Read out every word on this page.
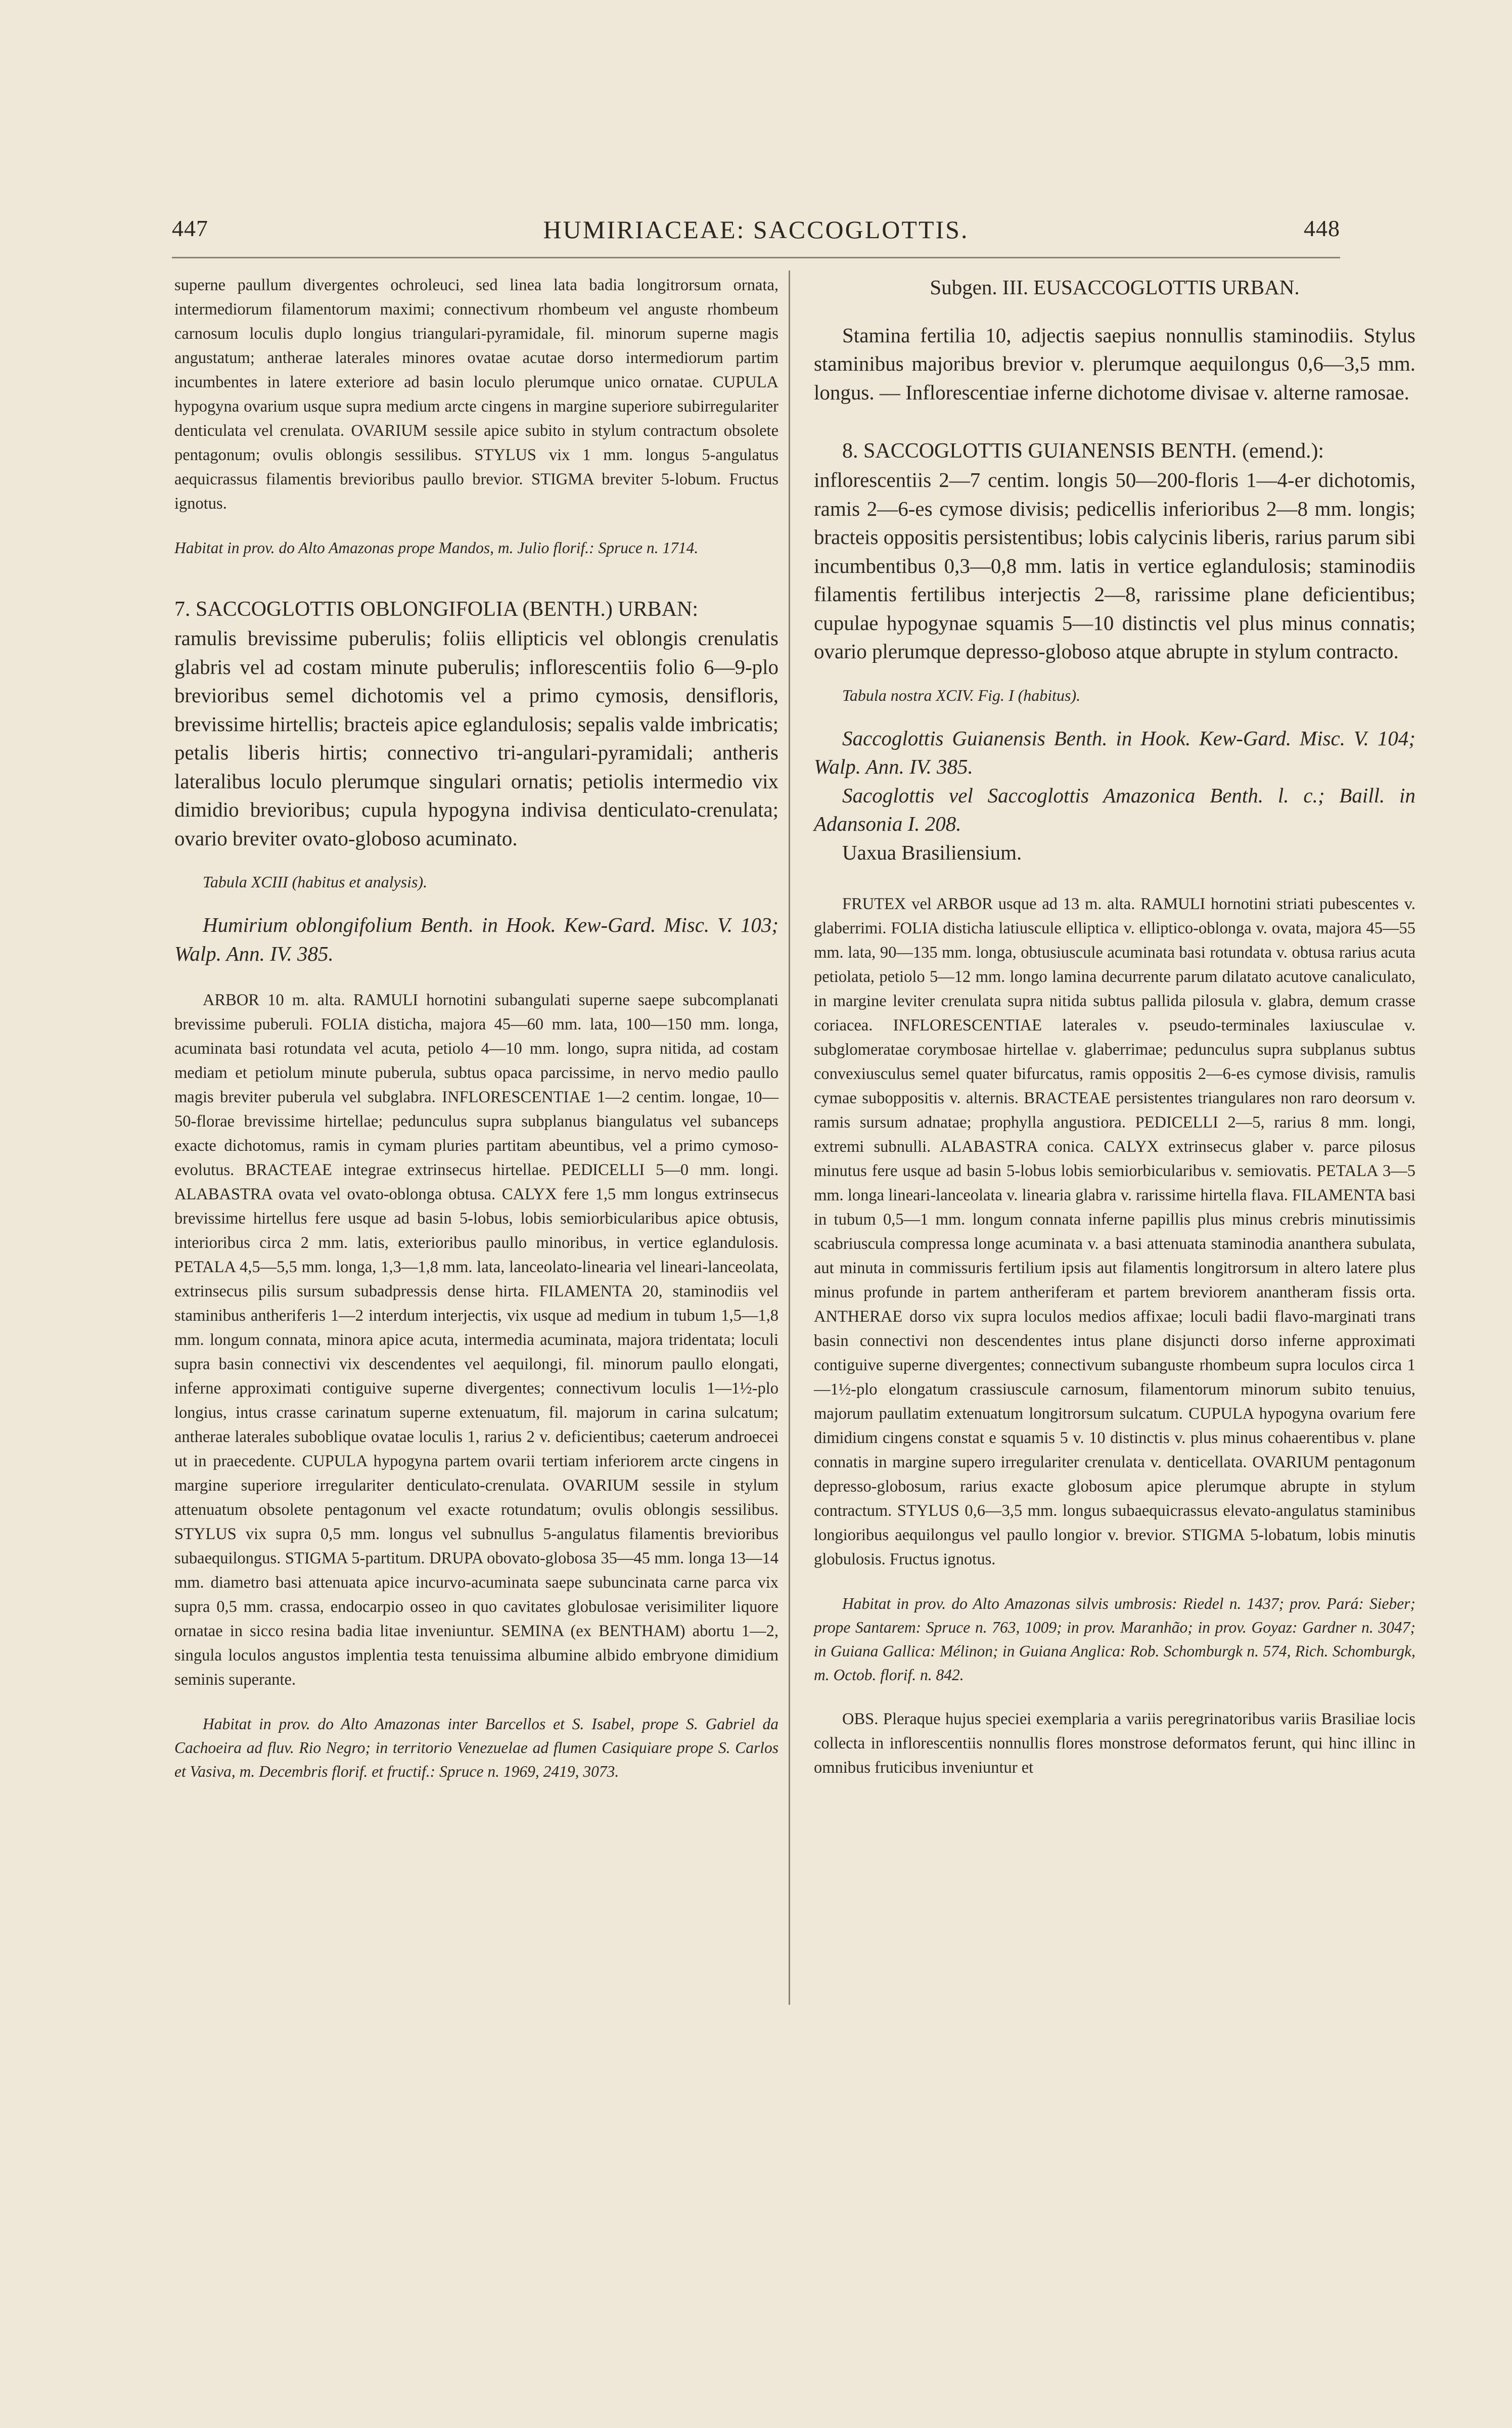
447	HUMIRIACEAE: SACCOGLOTTIS.	448

superne paullum divergentes ochroleuci, sed linea lata badia longitrorsum ornata, intermediorum filamentorum maximi; connectivum rhombeum vel anguste rhombeum carnosum loculis duplo longius triangulari-pyramidale, fil. minorum superne magis angustatum; antherae laterales minores ovatae acutae dorso intermediorum partim incumbentes in latere exteriore ad basin loculo plerumque unico ornatae. CUPULA hypogyna ovarium usque supra medium arcte cingens in margine superiore subirregulariter denticulata vel crenulata. OVARIUM sessile apice subito in stylum contractum obsolete pentagonum; ovulis oblongis sessilibus. STYLUS vix 1 mm. longus 5-angulatus aequicrassus filamentis brevioribus paullo brevior. STIGMA breviter 5-lobum. Fructus ignotus.

Habitat in prov. do Alto Amazonas prope Mandos, m. Julio florif.: Spruce n. 1714.

7. SACCOGLOTTIS OBLONGIFOLIA (BENTH.) URBAN:

ramulis brevissime puberulis; foliis ellipticis vel oblongis crenulatis glabris vel ad costam minute puberulis; inflorescentiis folio 6—9-plo brevioribus semel dichotomis vel a primo cymosis, densifloris, brevissime hirtellis; bracteis apice eglandulosis; sepalis valde imbricatis; petalis liberis hirtis; connectivo tri-angulari-pyramidali; antheris lateralibus loculo plerumque singulari ornatis; petiolis intermedio vix dimidio brevioribus; cupula hypogyna indivisa denticulato-crenulata; ovario breviter ovato-globoso acuminato.

Tabula XCIII (habitus et analysis).

Humirium oblongifolium Benth. in Hook. Kew-Gard. Misc. V. 103; Walp. Ann. IV. 385.

ARBOR 10 m. alta. RAMULI hornotini subangulati superne saepe subcomplanati brevissime puberuli. FOLIA disticha, majora 45—60 mm. lata, 100—150 mm. longa, acuminata basi rotundata vel acuta, petiolo 4—10 mm. longo, supra nitida, ad costam mediam et petiolum minute puberula, subtus opaca parcissime, in nervo medio paullo magis breviter puberula vel subglabra. INFLORESCENTIAE 1—2 centim. longae, 10—50-florae brevissime hirtellae; pedunculus supra subplanus biangulatus vel subanceps exacte dichotomus, ramis in cymam pluries partitam abeuntibus, vel a primo cymoso-evolutus. BRACTEAE integrae extrinsecus hirtellae. PEDICELLI 5—0 mm. longi. ALABASTRA ovata vel ovato-oblonga obtusa. CALYX fere 1,5 mm longus extrinsecus brevissime hirtellus fere usque ad basin 5-lobus, lobis semiorbicularibus apice obtusis, interioribus circa 2 mm. latis, exterioribus paullo minoribus, in vertice eglandulosis. PETALA 4,5—5,5 mm. longa, 1,3—1,8 mm. lata, lanceolato-linearia vel lineari-lanceolata, extrinsecus pilis sursum subadpressis dense hirta. FILAMENTA 20, staminodiis vel staminibus antheriferis 1—2 interdum interjectis, vix usque ad medium in tubum 1,5—1,8 mm. longum connata, minora apice acuta, intermedia acuminata, majora tridentata; loculi supra basin connectivi vix descendentes vel aequilongi, fil. minorum paullo elongati, inferne approximati contiguive superne divergentes; connectivum loculis 1—1½-plo longius, intus crasse carinatum superne extenuatum, fil. majorum in carina sulcatum; antherae laterales suboblique ovatae loculis 1, rarius 2 v. deficientibus; caeterum androecei ut in praecedente. CUPULA hypogyna partem ovarii tertiam inferiorem arcte cingens in margine superiore irregulariter denticulato-crenulata. OVARIUM sessile in stylum attenuatum obsolete pentagonum vel exacte rotundatum; ovulis oblongis sessilibus. STYLUS vix supra 0,5 mm. longus vel subnullus 5-angulatus filamentis brevioribus subaequilongus. STIGMA 5-partitum. DRUPA obovato-globosa 35—45 mm. longa 13—14 mm. diametro basi attenuata apice incurvo-acuminata saepe subuncinata carne parca vix supra 0,5 mm. crassa, endocarpio osseo in quo cavitates globulosae verisimiliter liquore ornatae in sicco resina badia litae inveniuntur. SEMINA (ex BENTHAM) abortu 1—2, singula loculos angustos implentia testa tenuissima albumine albido embryone dimidium seminis superante.

Habitat in prov. do Alto Amazonas inter Barcellos et S. Isabel, prope S. Gabriel da Cachoeira ad fluv. Rio Negro; in territorio Venezuelae ad flumen Casiquiare prope S. Carlos et Vasiva, m. Decembris florif. et fructif.: Spruce n. 1969, 2419, 3073.

Subgen. III. EUSACCOGLOTTIS URBAN.

Stamina fertilia 10, adjectis saepius nonnullis staminodiis. Stylus staminibus majoribus brevior v. plerumque aequilongus 0,6—3,5 mm. longus. — Inflorescentiae inferne dichotome divisae v. alterne ramosae.

8. SACCOGLOTTIS GUIANENSIS BENTH. (emend.):

inflorescentiis 2—7 centim. longis 50—200-floris 1—4-er dichotomis, ramis 2—6-es cymose divisis; pedicellis inferioribus 2—8 mm. longis; bracteis oppositis persistentibus; lobis calycinis liberis, rarius parum sibi incumbentibus 0,3—0,8 mm. latis in vertice eglandulosis; staminodiis filamentis fertilibus interjectis 2—8, rarissime plane deficientibus; cupulae hypogynae squamis 5—10 distinctis vel plus minus connatis; ovario plerumque depresso-globoso atque abrupte in stylum contracto.

Tabula nostra XCIV. Fig. I (habitus).

Saccoglottis Guianensis Benth. in Hook. Kew-Gard. Misc. V. 104; Walp. Ann. IV. 385.

Sacoglottis vel Saccoglottis Amazonica Benth. l. c.; Baill. in Adansonia I. 208.

Uaxua Brasiliensium.

FRUTEX vel ARBOR usque ad 13 m. alta. RAMULI hornotini striati pubescentes v. glaberrimi. FOLIA disticha latiuscule elliptica v. elliptico-oblonga v. ovata, majora 45—55 mm. lata, 90—135 mm. longa, obtusiuscule acuminata basi rotundata v. obtusa rarius acuta petiolata, petiolo 5—12 mm. longo lamina decurrente parum dilatato acutove canaliculato, in margine leviter crenulata supra nitida subtus pallida pilosula v. glabra, demum crasse coriacea. INFLORESCENTIAE laterales v. pseudo-terminales laxiusculae v. subglomeratae corymbosae hirtellae v. glaberrimae; pedunculus supra subplanus subtus convexiusculus semel quater bifurcatus, ramis oppositis 2—6-es cymose divisis, ramulis cymae suboppositis v. alternis. BRACTEAE persistentes triangulares non raro deorsum v. ramis sursum adnatae; prophylla angustiora. PEDICELLI 2—5, rarius 8 mm. longi, extremi subnulli. ALABASTRA conica. CALYX extrinsecus glaber v. parce pilosus minutus fere usque ad basin 5-lobus lobis semiorbicularibus v. semiovatis. PETALA 3—5 mm. longa lineari-lanceolata v. linearia glabra v. rarissime hirtella flava. FILAMENTA basi in tubum 0,5—1 mm. longum connata inferne papillis plus minus crebris minutissimis scabriuscula compressa longe acuminata v. a basi attenuata staminodia ananthera subulata, aut minuta in commissuris fertilium ipsis aut filamentis longitrorsum in altero latere plus minus profunde in partem antheriferam et partem breviorem anantheram fissis orta. ANTHERAE dorso vix supra loculos medios affixae; loculi badii flavo-marginati trans basin connectivi non descendentes intus plane disjuncti dorso inferne approximati contiguive superne divergentes; connectivum subanguste rhombeum supra loculos circa 1—1½-plo elongatum crassiuscule carnosum, filamentorum minorum subito tenuius, majorum paullatim extenuatum longitrorsum sulcatum. CUPULA hypogyna ovarium fere dimidium cingens constat e squamis 5 v. 10 distinctis v. plus minus cohaerentibus v. plane connatis in margine supero irregulariter crenulata v. denticellata. OVARIUM pentagonum depresso-globosum, rarius exacte globosum apice plerumque abrupte in stylum contractum. STYLUS 0,6—3,5 mm. longus subaequicrassus elevato-angulatus staminibus longioribus aequilongus vel paullo longior v. brevior. STIGMA 5-lobatum, lobis minutis globulosis. Fructus ignotus.

Habitat in prov. do Alto Amazonas silvis umbrosis: Riedel n. 1437; prov. Pará: Sieber; prope Santarem: Spruce n. 763, 1009; in prov. Maranhão; in prov. Goyaz: Gardner n. 3047; in Guiana Gallica: Mélinon; in Guiana Anglica: Rob. Schomburgk n. 574, Rich. Schomburgk, m. Octob. florif. n. 842.

OBS. Pleraque hujus speciei exemplaria a variis peregrinatoribus variis Brasiliae locis collecta in inflorescentiis nonnullis flores monstrose deformatos ferunt, qui hinc illinc in omnibus fruticibus inveniuntur et
